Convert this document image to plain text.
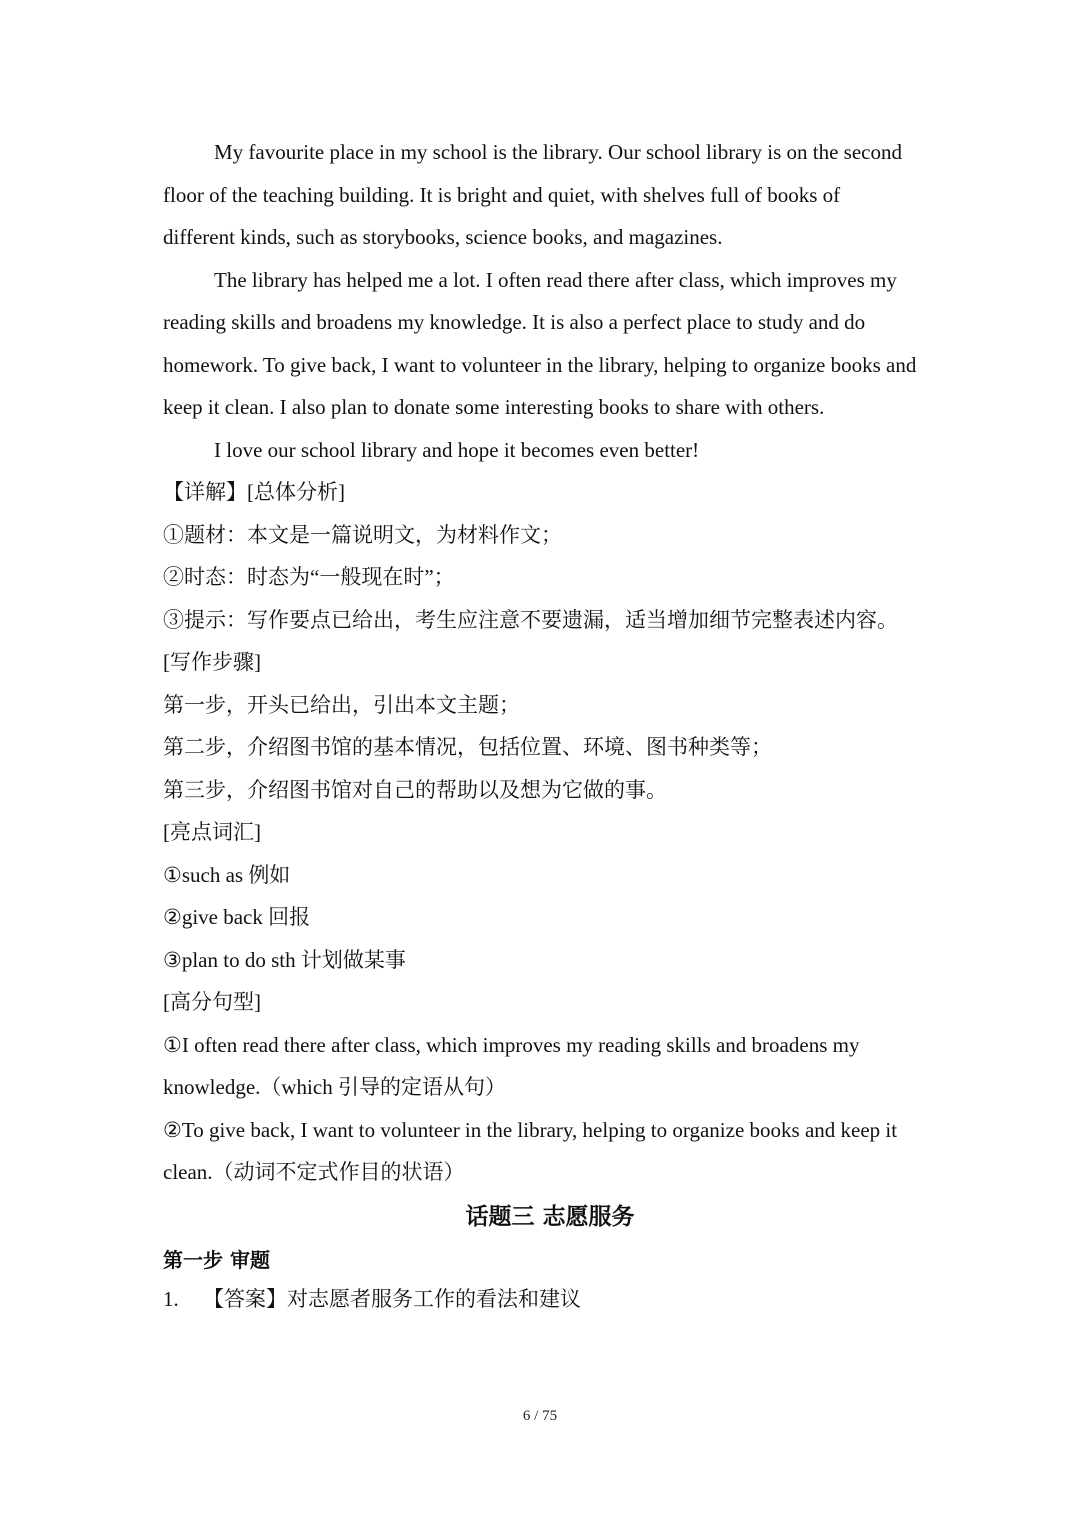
My favourite place in my school is the library. Our school library is on the second floor of the teaching building. It is bright and quiet, with shelves full of books of different kinds, such as storybooks, science books, and magazines.

The library has helped me a lot. I often read there after class, which improves my reading skills and broadens my knowledge. It is also a perfect place to study and do homework. To give back, I want to volunteer in the library, helping to organize books and keep it clean. I also plan to donate some interesting books to share with others.

I love our school library and hope it becomes even better!

【详解】[总体分析]

①题材：本文是一篇说明文，为材料作文；

②时态：时态为“一般现在时”；

③提示：写作要点已给出，考生应注意不要遗漏，适当增加细节完整表述内容。

[写作步骤]

第一步，开头已给出，引出本文主题；

第二步，介绍图书馆的基本情况，包括位置、环境、图书种类等；

第三步，介绍图书馆对自己的帮助以及想为它做的事。

[亮点词汇]

①such as 例如

②give back 回报

③plan to do sth 计划做某事

[高分句型]

①I often read there after class, which improves my reading skills and broadens my knowledge.（which 引导的定语从句）

②To give back, I want to volunteer in the library, helping to organize books and keep it clean.（动词不定式作目的状语）

话题三 志愿服务

第一步 审题

1. 【答案】对志愿者服务工作的看法和建议

6 / 75
